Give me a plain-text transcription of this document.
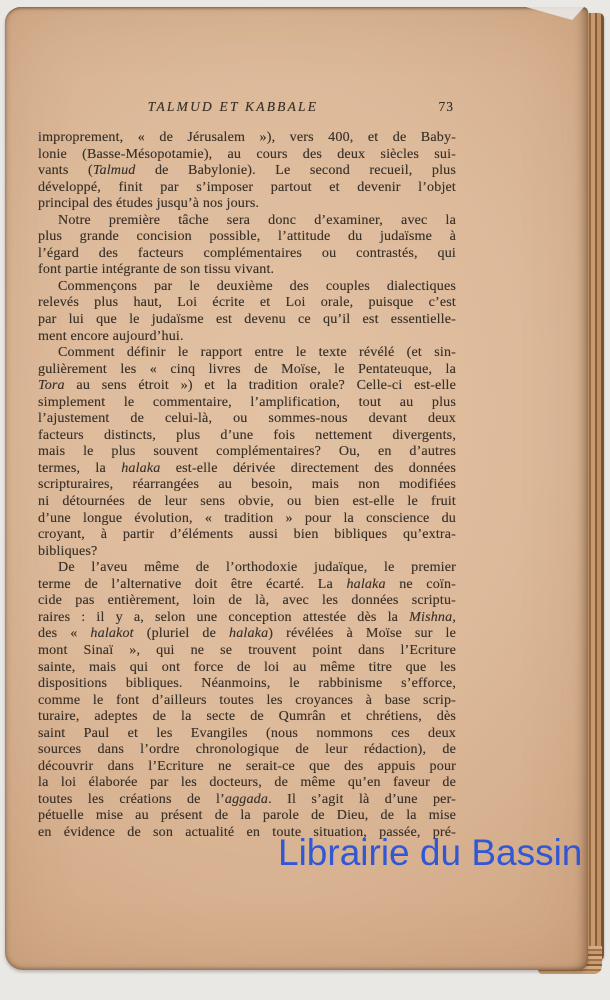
TALMUD ET KABBALE	73
improprement, « de Jérusalem »), vers 400, et de Baby-
lonie (Basse-Mésopotamie), au cours des deux siècles sui-
vants (Talmud de Babylonie). Le second recueil, plus
développé, finit par s’imposer partout et devenir l’objet
principal des études jusqu’à nos jours.
Notre première tâche sera donc d’examiner, avec la
plus grande concision possible, l’attitude du judaïsme à
l’égard des facteurs complémentaires ou contrastés, qui
font partie intégrante de son tissu vivant.
Commençons par le deuxième des couples dialectiques
relevés plus haut, Loi écrite et Loi orale, puisque c’est
par lui que le judaïsme est devenu ce qu’il est essentielle-
ment encore aujourd’hui.
Comment définir le rapport entre le texte révélé (et sin-
gulièrement les « cinq livres de Moïse, le Pentateuque, la
Tora au sens étroit ») et la tradition orale? Celle-ci est-elle
simplement le commentaire, l’amplification, tout au plus
l’ajustement de celui-là, ou sommes-nous devant deux
facteurs distincts, plus d’une fois nettement divergents,
mais le plus souvent complémentaires? Ou, en d’autres
termes, la halaka est-elle dérivée directement des données
scripturaires, réarrangées au besoin, mais non modifiées
ni détournées de leur sens obvie, ou bien est-elle le fruit
d’une longue évolution, « tradition » pour la conscience du
croyant, à partir d’éléments aussi bien bibliques qu’extra-
bibliques?
De l’aveu même de l’orthodoxie judaïque, le premier
terme de l’alternative doit être écarté. La halaka ne coïn-
cide pas entièrement, loin de là, avec les données scriptu-
raires : il y a, selon une conception attestée dès la Mishna,
des « halakot (pluriel de halaka) révélées à Moïse sur le
mont Sinaï », qui ne se trouvent point dans l’Ecriture
sainte, mais qui ont force de loi au même titre que les
dispositions bibliques. Néanmoins, le rabbinisme s’efforce,
comme le font d’ailleurs toutes les croyances à base scrip-
turaire, adeptes de la secte de Qumrân et chrétiens, dès
saint Paul et les Evangiles (nous nommons ces deux
sources dans l’ordre chronologique de leur rédaction), de
découvrir dans l’Ecriture ne serait-ce que des appuis pour
la loi élaborée par les docteurs, de même qu’en faveur de
toutes les créations de l’aggada. Il s’agit là d’une per-
pétuelle mise au présent de la parole de Dieu, de la mise
en évidence de son actualité en toute situation, passée, pré-
Librairie du Bassin
